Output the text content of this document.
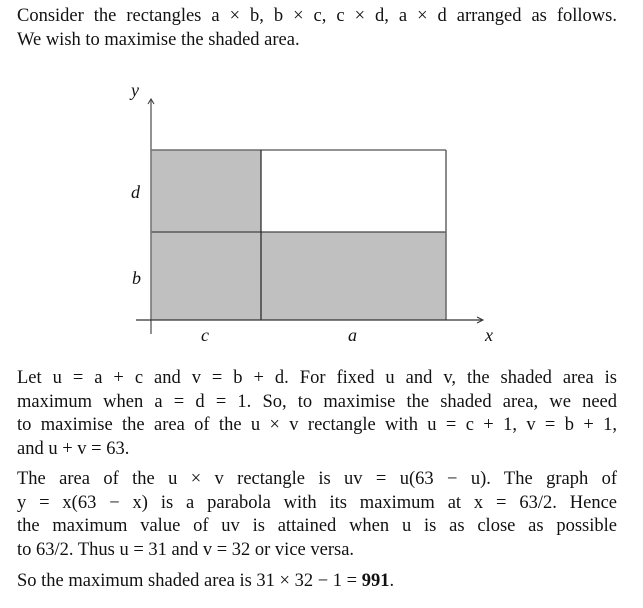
Consider the rectangles a × b, b × c, c × d, a × d arranged as follows.
We wish to maximise the shaded area.
y
x
d
b
c	a
Let u = a + c and v = b + d. For fixed u and v, the shaded area is
maximum when a = d = 1. So, to maximise the shaded area, we need
to maximise the area of the u × v rectangle with u = c + 1, v = b + 1,
and u + v = 63.
The area of the u × v rectangle is uv = u(63 − u). The graph of
y = x(63 − x) is a parabola with its maximum at x = 63/2. Hence
the maximum value of uv is attained when u is as close as possible
to 63/2. Thus u = 31 and v = 32 or vice versa.
So the maximum shaded area is 31 × 32 − 1 = 991.
